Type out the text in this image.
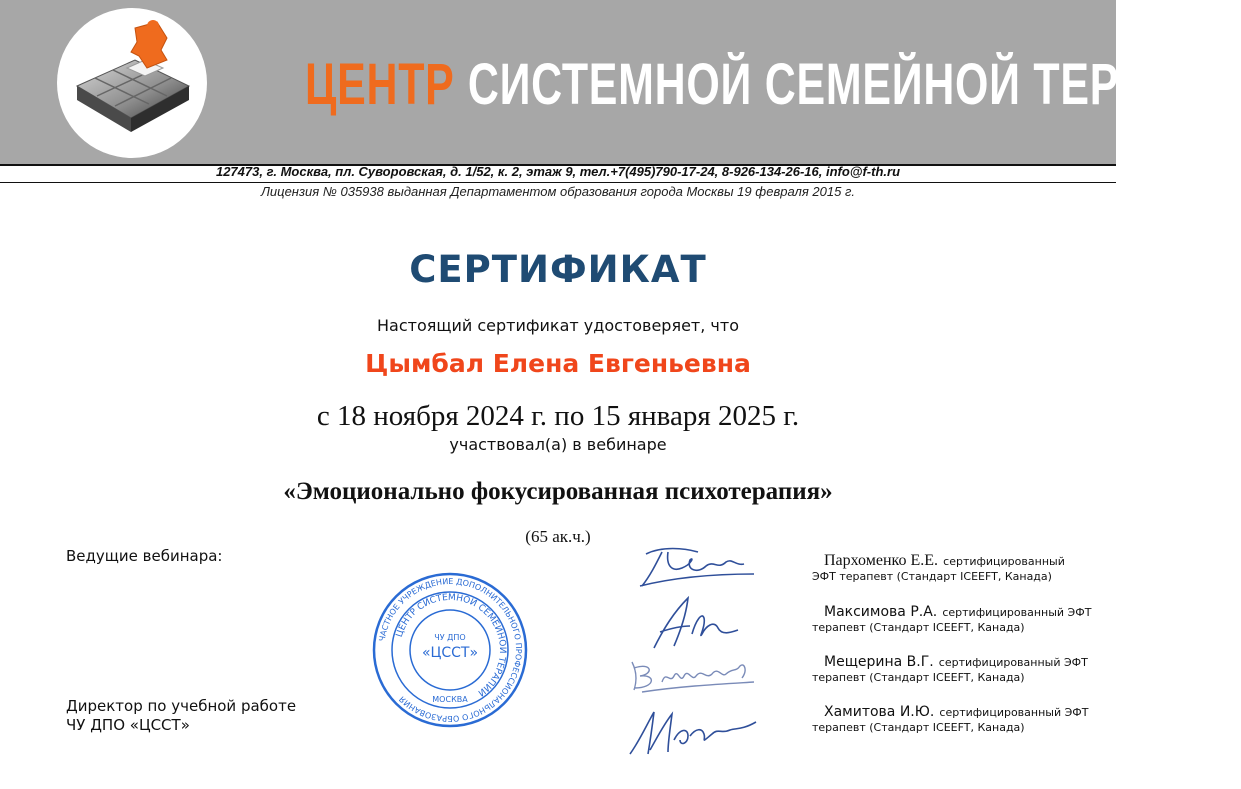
ЦЕНТР СИСТЕМНОЙ СЕМЕЙНОЙ ТЕРАПИИ
127473, г. Москва, пл. Суворовская, д. 1/52, к. 2, этаж 9, тел.+7(495)790-17-24, 8-926-134-26-16, info@f-th.ru
Лицензия № 035938 выданная Департаментом образования города Москвы 19 февраля 2015 г.
СЕРТИФИКАТ
Настоящий сертификат удостоверяет, что
Цымбал Елена Евгеньевна
с 18 ноября 2024 г. по 15 января 2025 г.
участвовал(а) в вебинаре
«Эмоционально фокусированная психотерапия»
(65 ак.ч.)
Ведущие вебинара:
Директор по учебной работе
ЧУ ДПО «ЦССТ»
ЧАСТНОЕ УЧРЕЖДЕНИЕ ДОПОЛНИТЕЛЬНОГО ПРОФЕССИОНАЛЬНОГО ОБРАЗОВАНИЯ
ЦЕНТР СИСТЕМНОЙ СЕМЕЙНОЙ ТЕРАПИИ
ЧУ ДПО
«ЦССТ»
МОСКВА
Пархоменко Е.Е. сертифицированный
ЭФТ терапевт (Стандарт ICEEFT, Канада)
Максимова Р.А. сертифицированный ЭФТ
терапевт (Стандарт ICEEFT, Канада)
Мещерина В.Г. сертифицированный ЭФТ
терапевт (Стандарт ICEEFT, Канада)
Хамитова И.Ю. сертифицированный ЭФТ
терапевт (Стандарт ICEEFT, Канада)
